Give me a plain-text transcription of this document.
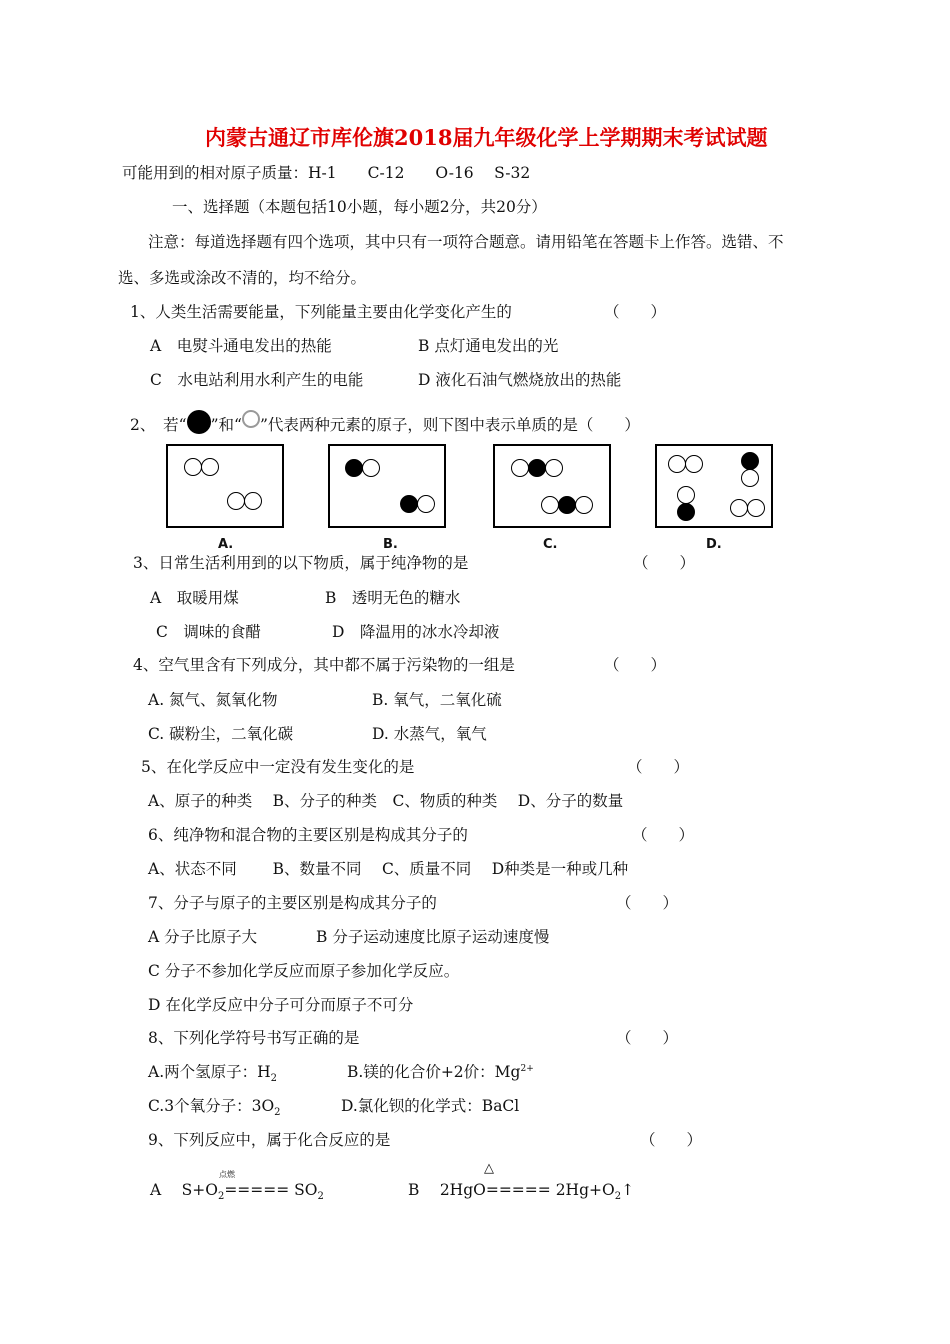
内蒙古通辽市库伦旗2018届九年级化学上学期期末考试试题
可能用到的相对原子质量：H-1　　C-12　　O-16　 S-32
一、选择题（本题包括10小题，每小题2分，共20分）
注意：每道选择题有四个选项，其中只有一项符合题意。请用铅笔在答题卡上作答。选错、不
选、多选或涂改不清的，均不给分。
1、人类生活需要能量，下列能量主要由化学变化产生的	（　　）
A　电熨斗通电发出的热能	B 点灯通电发出的光
C　水电站利用水利产生的电能	D 液化石油气燃烧放出的热能
2、　 若“ ”和“ ”代表两种元素的原子，则下图中表示单质的是（　　）
A.	B.	C.	D.
3、日常生活利用到的以下物质，属于纯净物的是	（　　）
A　取暖用煤	B　透明无色的糖水
C　调味的食醋	D　降温用的冰水冷却液
4、空气里含有下列成分，其中都不属于污染物的一组是	（　　）
A. 氮气、氮氧化物	B. 氧气，二氧化硫
C. 碳粉尘，二氧化碳	D. 水蒸气，氧气
5、在化学反应中一定没有发生变化的是	（　　）
A、原子的种类　 B、分子的种类　C、物质的种类　 D、分子的数量
6、纯净物和混合物的主要区别是构成其分子的	（　　）
A、状态不同　　 B、数量不同　 C、质量不同　 D种类是一种或几种
7、分子与原子的主要区别是构成其分子的	（　　）
A 分子比原子大	B 分子运动速度比原子运动速度慢
C 分子不参加化学反应而原子参加化学反应。
D 在化学反应中分子可分而原子不可分
8、下列化学符号书写正确的是	（　　）
A.两个氢原子：$H_2$	B.镁的化合价+2价：$Mg^{2+}$
C.3个氧分子：$3O_2$	D.氯化钡的化学式：BaCl
9、下列反应中，属于化合反应的是	（　　）
点燃
A　 $S+O_2===== SO_2$
△
B　 $2HgO===== 2Hg+O_2↑$
